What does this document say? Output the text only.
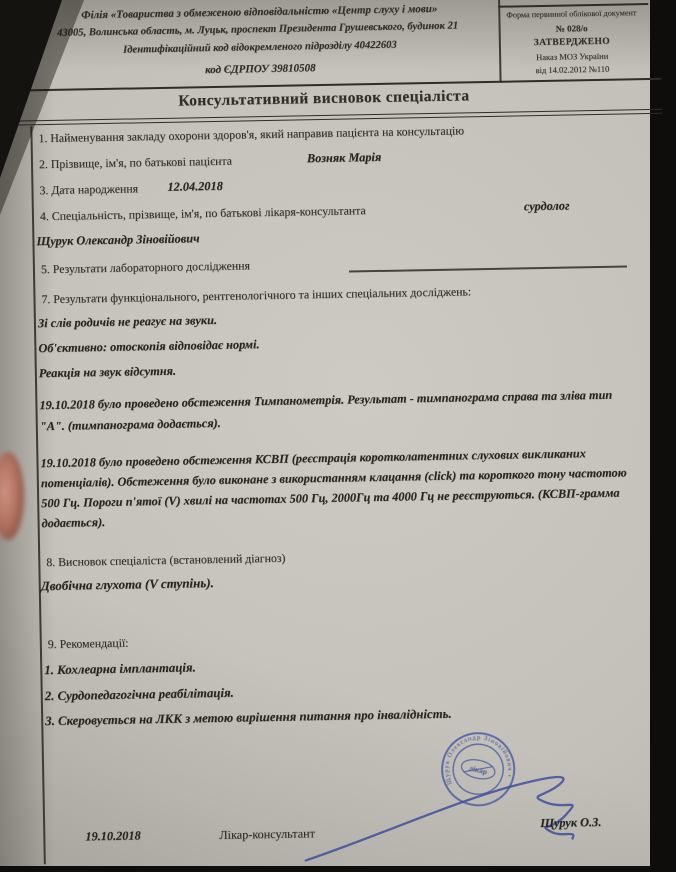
Філія «Товариства з обмеженою відповідальністю «Центр слуху і мови»
43005, Волинська область, м. Луцьк, проспект Президента Грушевського, будинок 21
Ідентифікаційний код відокремленого підрозділу 40422603
код ЄДРПОУ 39810508
Форма первинної облікової документ
№ 028/о
ЗАТВЕРДЖЕНО
Наказ МОЗ України
від 14.02.2012 №110
Консультативний висновок спеціаліста
1. Найменування закладу охорони здоров'я, який направив пацієнта на консультацію
2. Прізвище, ім'я, по батькові пацієнта	Возняк Марія
3. Дата народження 12.04.2018
4. Спеціальність, прізвище, ім'я, по батькові лікаря-консультанта	сурдолог
Щурук Олександр Зіновійович
5. Результати лабораторного дослідження
7. Результати функціонального, рентгенологічного та інших спеціальних досліджень:
Зі слів родичів не реагує на звуки.
Об'єктивно: отоскопія відповідає нормі.
Реакція на звук відсутня.
19.10.2018 було проведено обстеження Тимпанометрія. Результат - тимпанограма справа та зліва тип "А". (тимпанограма додається).
19.10.2018 було проведено обстеження КСВП (реєстрація коротколатентних слухових викликаних потенціалів). Обстеження було виконане з використанням клацання (click) та короткого тону частотою 500 Гц. Пороги п'ятої (V) хвилі на частотах 500 Гц, 2000Гц та 4000 Гц не реєструються. (КСВП-грамма додається).
8. Висновок спеціаліста (встановлений діагноз)
Двобічна глухота (V ступінь).
9. Рекомендації:
1. Кохлеарна імплантація.
2. Сурдопедагогічна реабілітація.
3. Скеровується на ЛКК з метою вирішення питання про інвалідність.
лікар
Щурук Олександр Зіновійович •
19.10.2018	Лікар-консультант
Щурук О.З.
